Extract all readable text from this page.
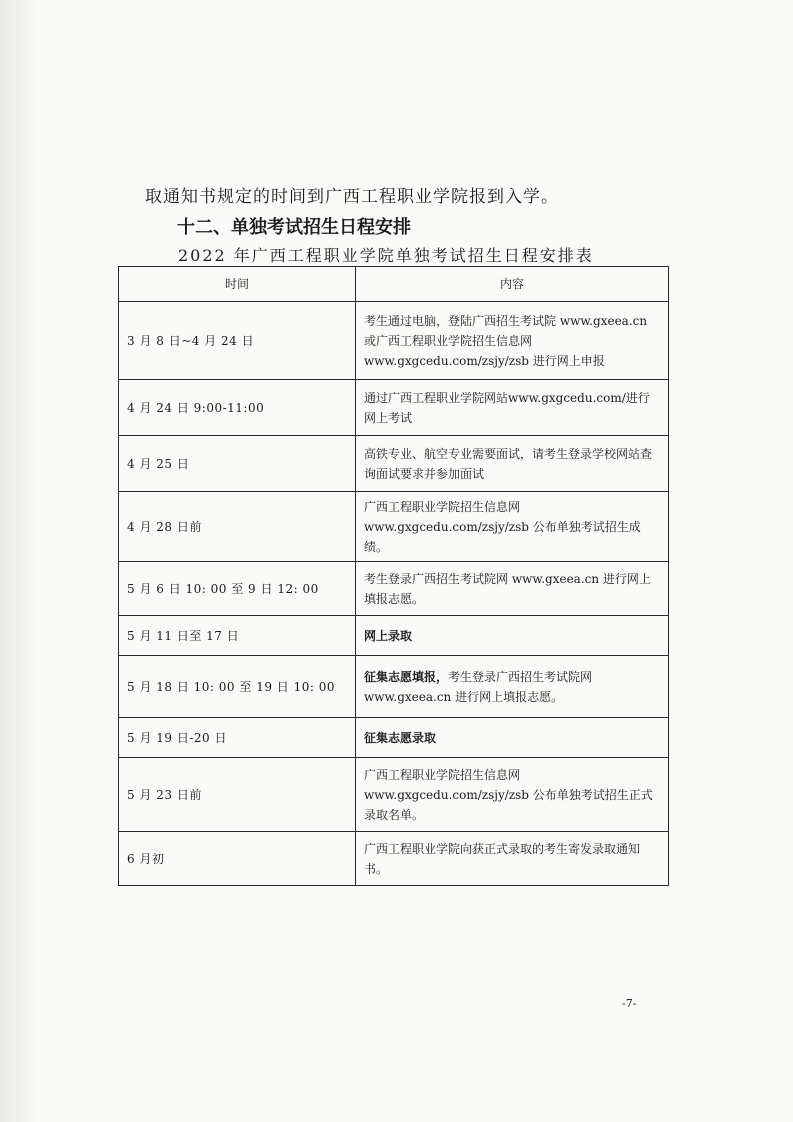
取通知书规定的时间到广西工程职业学院报到入学。
十二、单独考试招生日程安排
2022 年广西工程职业学院单独考试招生日程安排表
时间	内容
3 月 8 日~4 月 24 日	考生通过电脑，登陆广西招生考试院 www.gxeea.cn 或广西工程职业学院招生信息网 www.gxgcedu.com/zsjy/zsb 进行网上申报
4 月 24 日 9:00-11:00	通过广西工程职业学院网站www.gxgcedu.com/进行网上考试
4 月 25 日	高铁专业、航空专业需要面试，请考生登录学校网站查询面试要求并参加面试
4 月 28 日前	广西工程职业学院招生信息网 www.gxgcedu.com/zsjy/zsb 公布单独考试招生成绩。
5 月 6 日 10: 00 至 9 日 12: 00	考生登录广西招生考试院网 www.gxeea.cn 进行网上填报志愿。
5 月 11 日至 17 日	网上录取
5 月 18 日 10: 00 至 19 日 10: 00	征集志愿填报，考生登录广西招生考试院网 www.gxeea.cn 进行网上填报志愿。
5 月 19 日-20 日	征集志愿录取
5 月 23 日前	广西工程职业学院招生信息网 www.gxgcedu.com/zsjy/zsb 公布单独考试招生正式录取名单。
6 月初	广西工程职业学院向获正式录取的考生寄发录取通知书。
-7-
